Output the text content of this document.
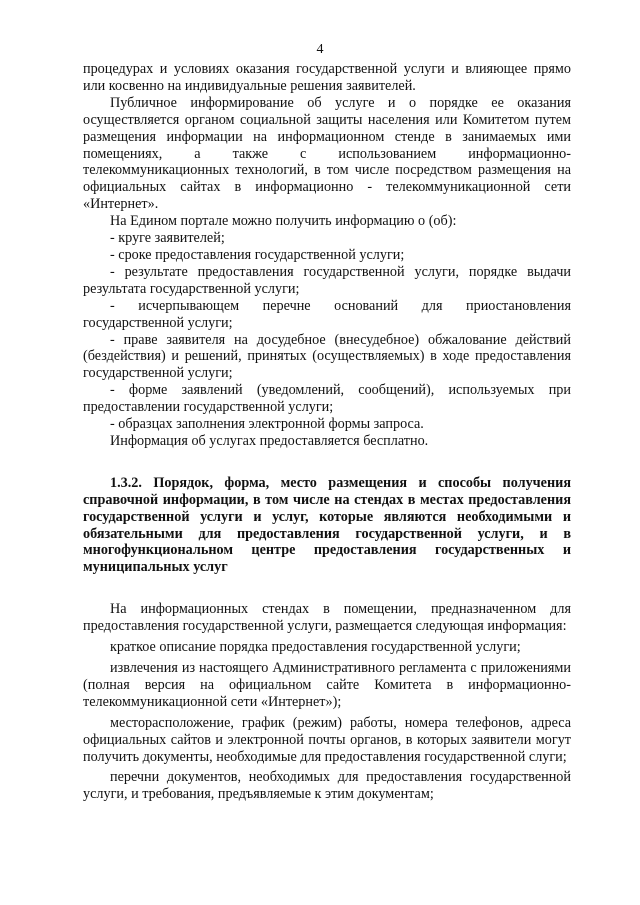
4

процедурах и условиях оказания государственной услуги и влияющее прямо или косвенно на индивидуальные решения заявителей.

Публичное информирование об услуге и о порядке ее оказания осуществляется органом социальной защиты населения или Комитетом путем размещения информации на информационном стенде в занимаемых ими помещениях, а также с использованием информационно-телекоммуникационных технологий, в том числе посредством размещения на официальных сайтах в информационно - телекоммуникационной сети «Интернет».

На Едином портале можно получить информацию о (об):

- круге заявителей;

- сроке предоставления государственной услуги;

- результате предоставления государственной услуги, порядке выдачи результата государственной услуги;

- исчерпывающем перечне оснований для приостановления государственной услуги;

- праве заявителя на досудебное (внесудебное) обжалование действий (бездействия) и решений, принятых (осуществляемых) в ходе предоставления государственной услуги;

- форме заявлений (уведомлений, сообщений), используемых при предоставлении государственной услуги;

- образцах заполнения электронной формы запроса.

Информация об услугах предоставляется бесплатно.

1.3.2. Порядок, форма, место размещения и способы получения справочной информации, в том числе на стендах в местах предоставления государственной услуги и услуг, которые являются необходимыми и обязательными для предоставления государственной услуги, и в многофункциональном центре предоставления государственных и муниципальных услуг

На информационных стендах в помещении, предназначенном для предоставления государственной услуги, размещается следующая информация:

краткое описание порядка предоставления государственной услуги;

извлечения из настоящего Административного регламента с приложениями (полная версия на официальном сайте Комитета в информационно-телекоммуникационной сети «Интернет»);

месторасположение, график (режим) работы, номера телефонов, адреса официальных сайтов и электронной почты органов, в которых заявители могут получить документы, необходимые для предоставления государственной слуги;

перечни документов, необходимых для предоставления государственной услуги, и требования, предъявляемые к этим документам;
